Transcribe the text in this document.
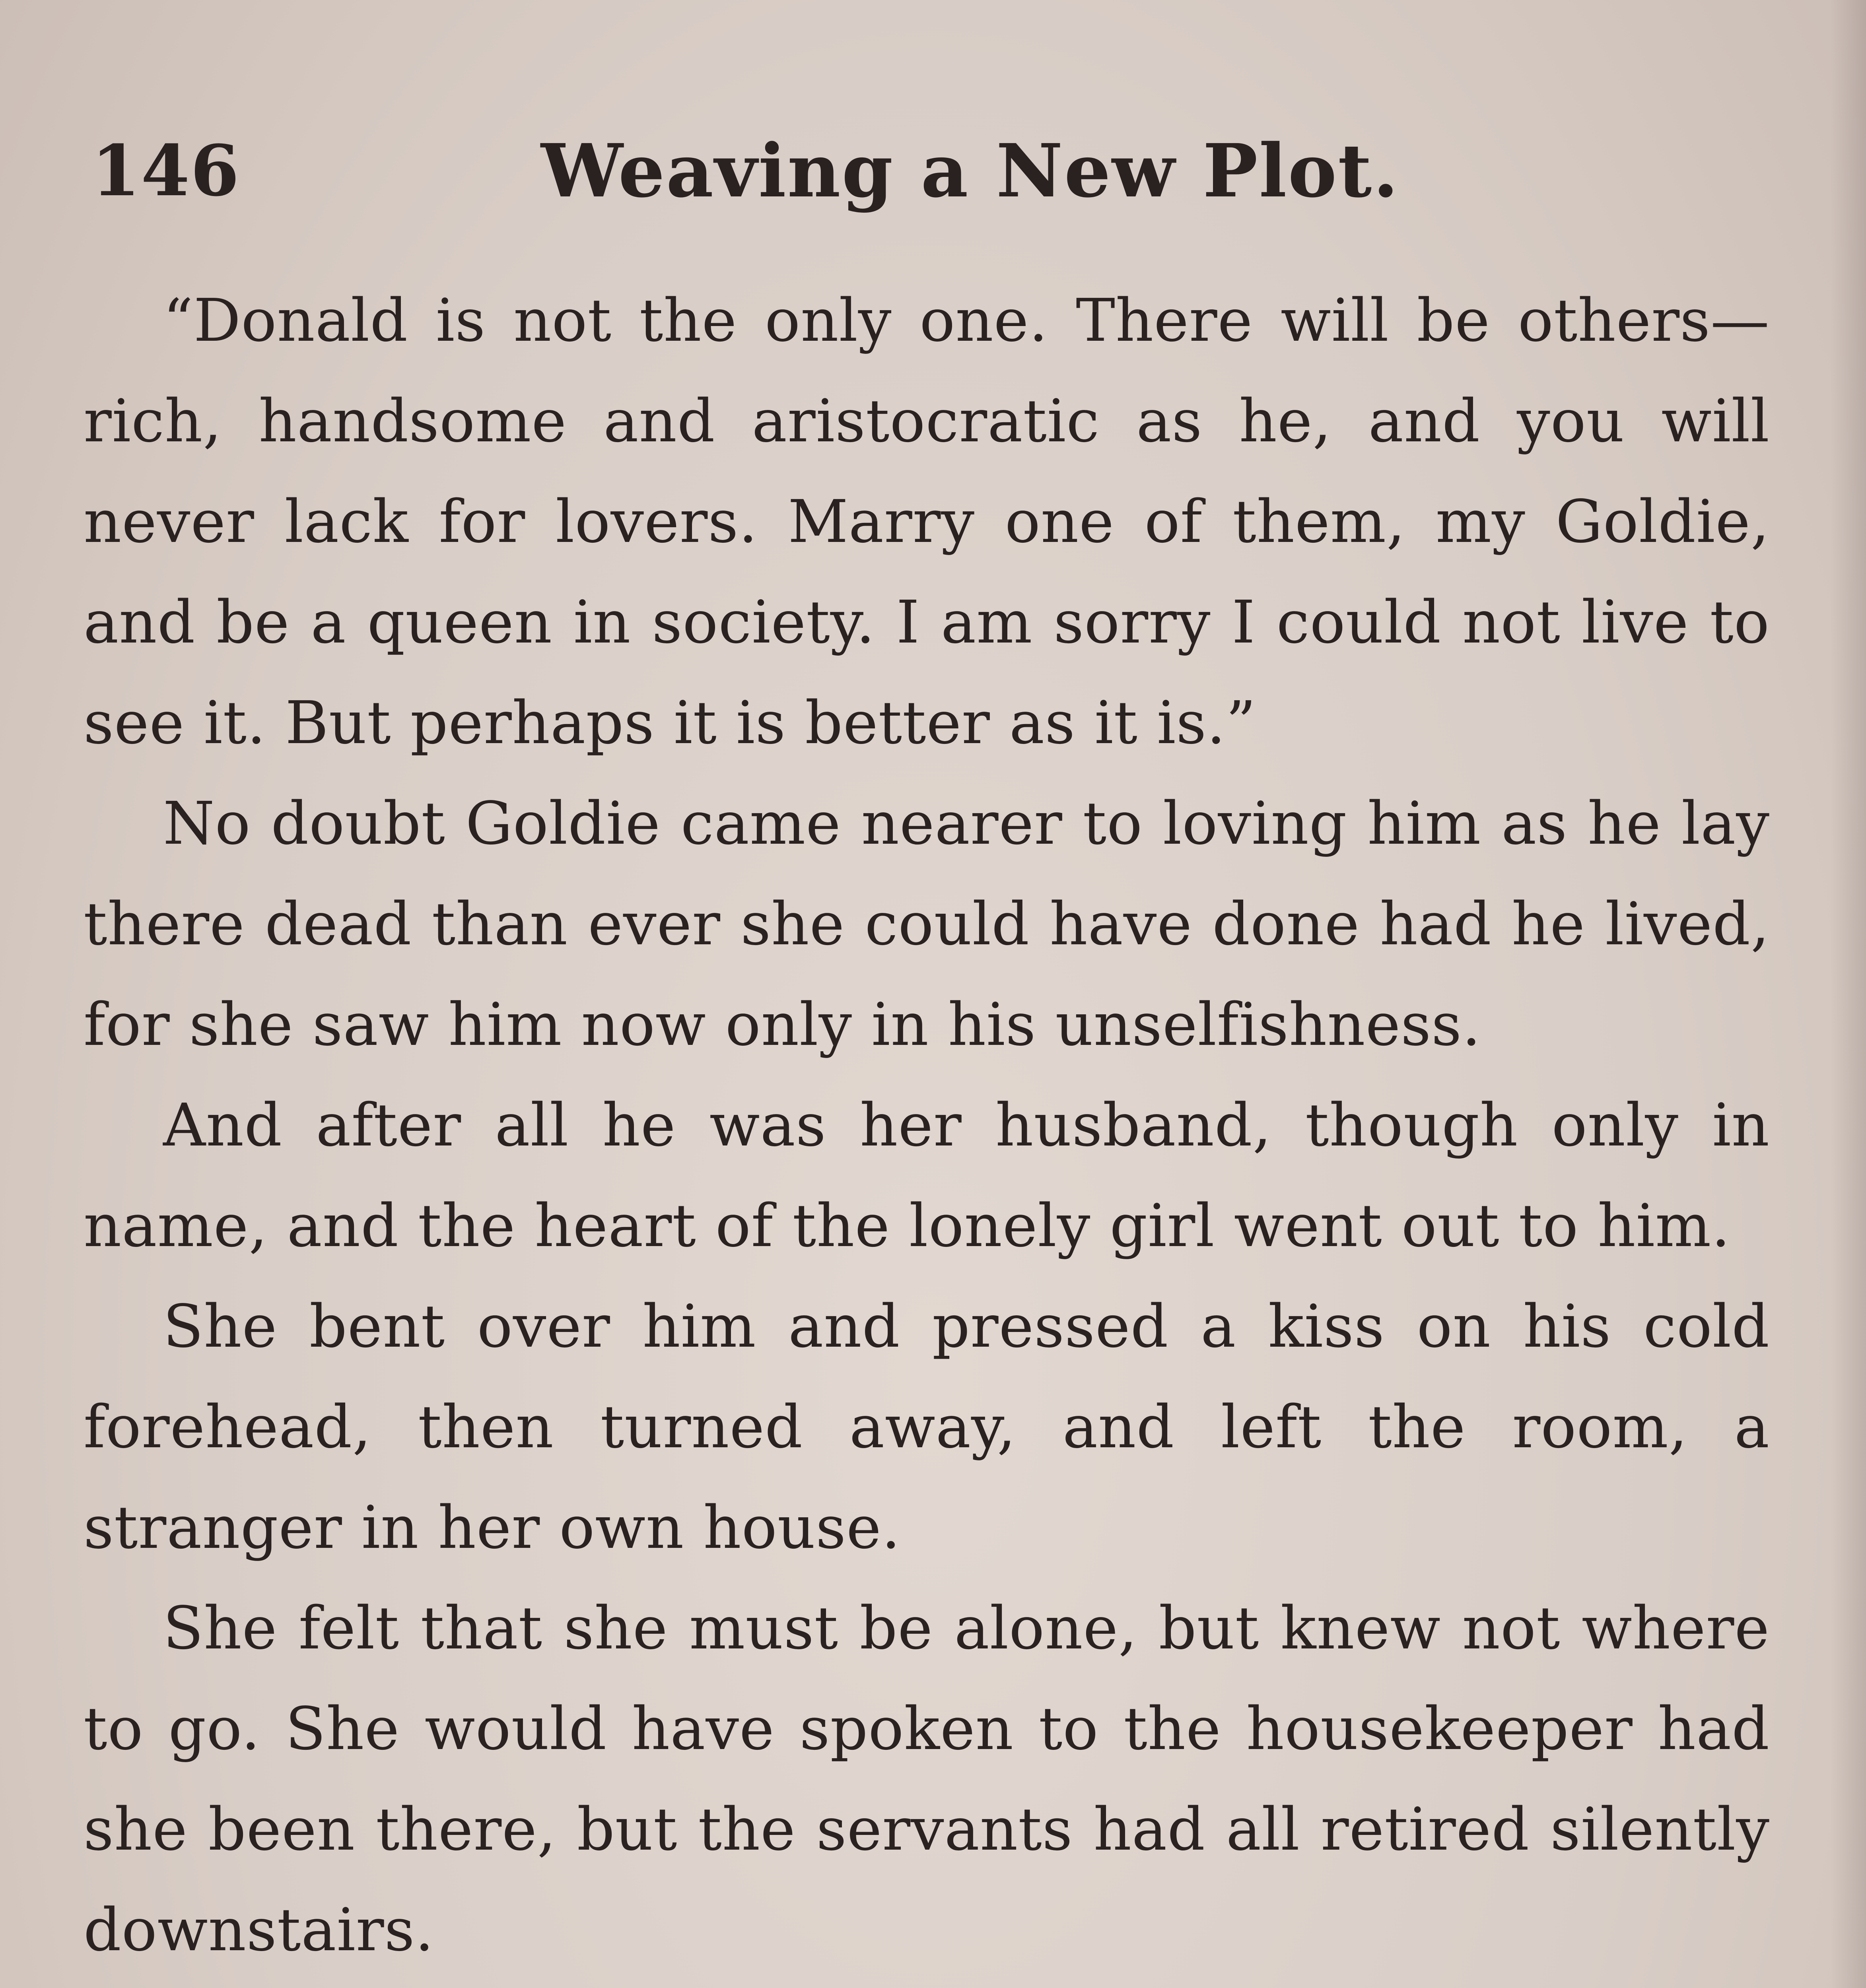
146	Weaving a New Plot.

“Donald is not the only one. There will be others—rich, handsome and aristocratic as he, and you will never lack for lovers. Marry one of them, my Goldie, and be a queen in society. I am sorry I could not live to see it. But perhaps it is better as it is.”

No doubt Goldie came nearer to loving him as he lay there dead than ever she could have done had he lived, for she saw him now only in his unselfishness.

And after all he was her husband, though only in name, and the heart of the lonely girl went out to him.

She bent over him and pressed a kiss on his cold forehead, then turned away, and left the room, a stranger in her own house.

She felt that she must be alone, but knew not where to go. She would have spoken to the housekeeper had she been there, but the servants had all retired silently downstairs.
